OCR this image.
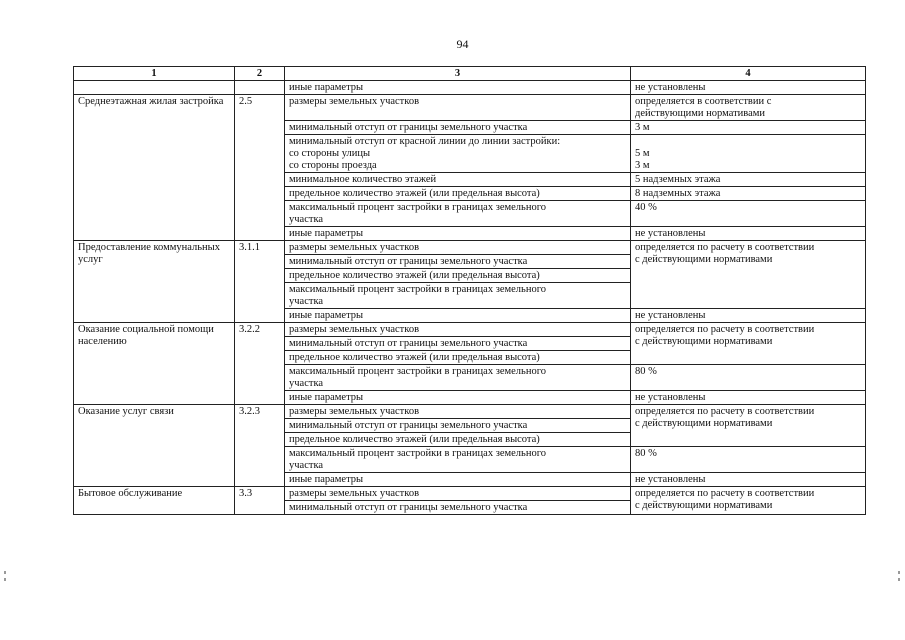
94
1	2	3	4

		иные параметры	не установлены

Среднеэтажная жилая застройка	2.5	размеры земельных участков	определяется в соответствии с
действующими нормативами

		минимальный отступ от границы земельного участка	3 м

		минимальный отступ от красной линии до линии застройки:
со стороны улицы
со стороны проезда	5 м
3 м

		минимальное количество этажей	5 надземных этажа

		предельное количество этажей (или предельная высота)	8 надземных этажа

		максимальный процент застройки в границах земельного
участка	40 %

		иные параметры	не установлены

Предоставление коммунальных услуг	3.1.1	размеры земельных участков	определяется по расчету в соответствии
с действующими нормативами

		минимальный отступ от границы земельного участка	

		предельное количество этажей (или предельная высота)	

		максимальный процент застройки в границах земельного
участка	

		иные параметры	не установлены

Оказание социальной помощи населению	3.2.2	размеры земельных участков	определяется по расчету в соответствии
с действующими нормативами

		минимальный отступ от границы земельного участка	

		предельное количество этажей (или предельная высота)	

		максимальный процент застройки в границах земельного
участка	80 %

		иные параметры	не установлены

Оказание услуг связи	3.2.3	размеры земельных участков	определяется по расчету в соответствии
с действующими нормативами

		минимальный отступ от границы земельного участка	

		предельное количество этажей (или предельная высота)	

		максимальный процент застройки в границах земельного
участка	80 %

		иные параметры	не установлены

Бытовое обслуживание	3.3	размеры земельных участков	определяется по расчету в соответствии
с действующими нормативами

		минимальный отступ от границы земельного участка	
